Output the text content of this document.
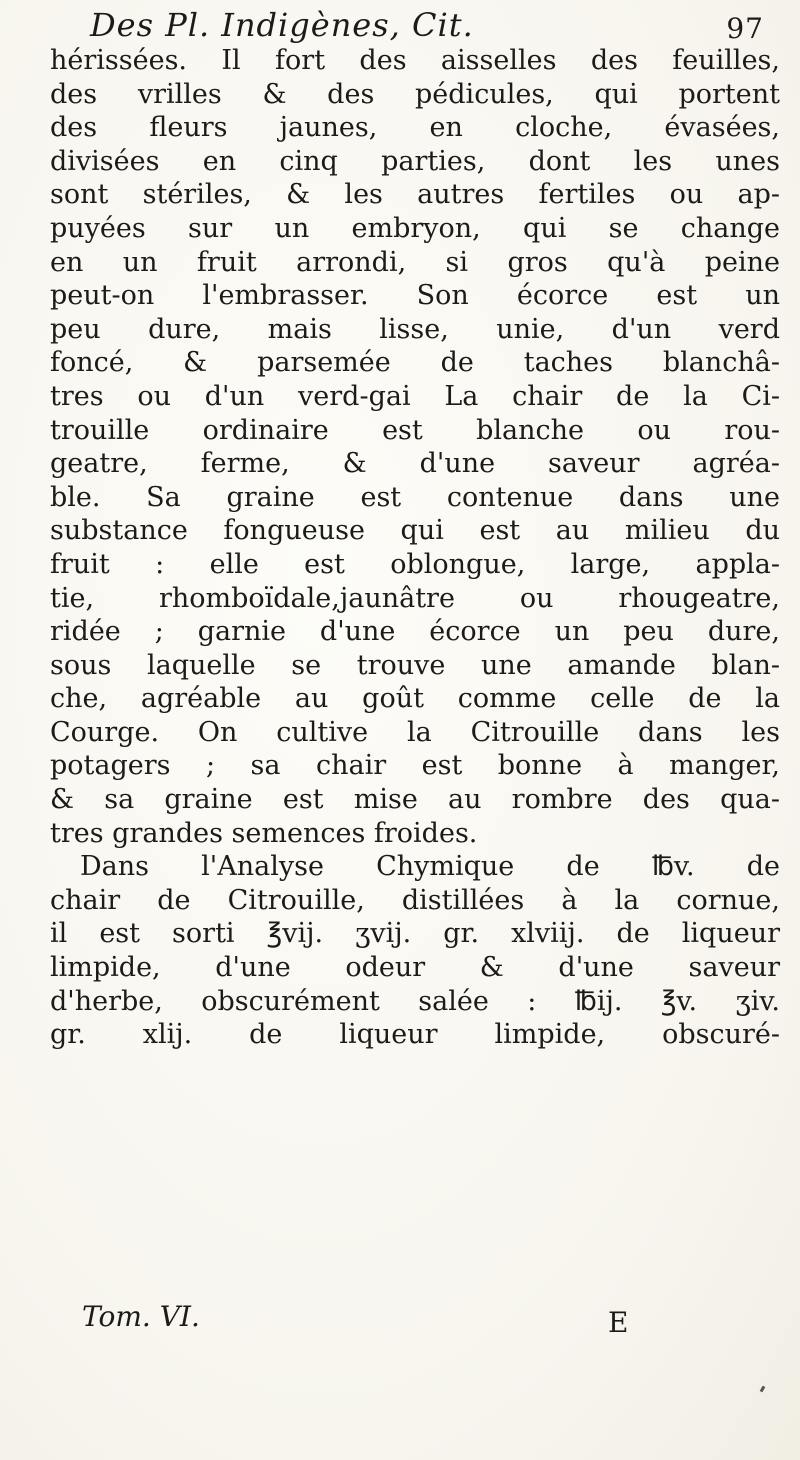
Des Pl. Indigènes, Cit.	97
hérissées. Il fort des aisselles des feuilles,
des vrilles & des pédicules, qui portent
des fleurs jaunes, en cloche, évasées,
divisées en cinq parties, dont les unes
sont stériles, & les autres fertiles ou ap-
puyées sur un embryon, qui se change
en un fruit arrondi, si gros qu'à peine
peut-on l'embrasser. Son écorce est un
peu dure, mais lisse, unie, d'un verd
foncé, & parsemée de taches blanchâ-
tres ou d'un verd-gai La chair de la Ci-
trouille ordinaire est blanche ou rou-
geatre, ferme, & d'une saveur agréa-
ble. Sa graine est contenue dans une
substance fongueuse qui est au milieu du
fruit : elle est oblongue, large, appla-
tie, rhomboïdale,jaunâtre ou rhougeatre,
ridée ; garnie d'une écorce un peu dure,
sous laquelle se trouve une amande blan-
che, agréable au goût comme celle de la
Courge. On cultive la Citrouille dans les
potagers ; sa chair est bonne à manger,
& sa graine est mise au rombre des qua-
tres grandes semences froides.
Dans l'Analyse Chymique de ℔v. de
chair de Citrouille, distillées à la cornue,
il est sorti ℥vij. ʒvij. gr. xlviij. de liqueur
limpide, d'une odeur & d'une saveur
d'herbe, obscurément salée : ℔ij. ℥v. ʒiv.
gr. xlij. de liqueur limpide, obscuré-
Tom. VI.	E
